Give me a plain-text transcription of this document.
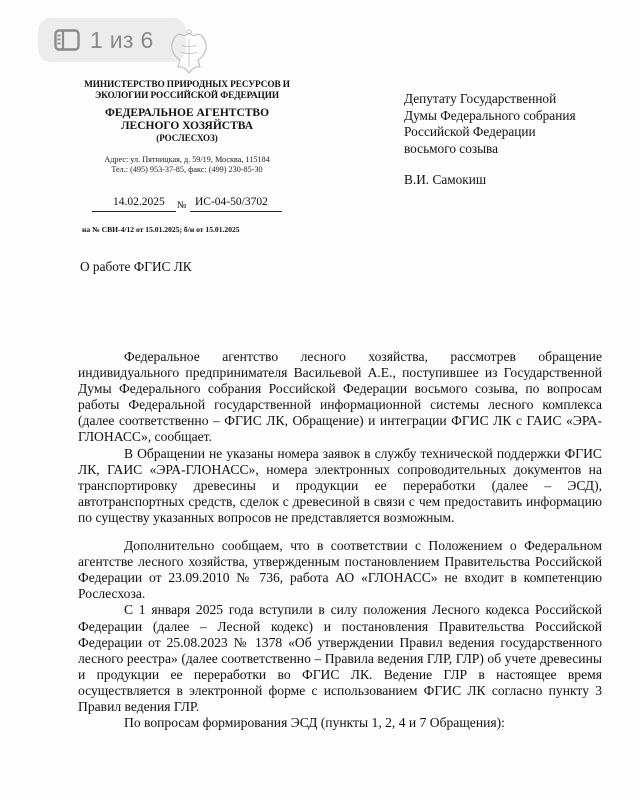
1 из 6
МИНИСТЕРСТВО ПРИРОДНЫХ РЕСУРСОВ И ЭКОЛОГИИ РОССИЙСКОЙ ФЕДЕРАЦИИ
ФЕДЕРАЛЬНОЕ АГЕНТСТВО ЛЕСНОГО ХОЗЯЙСТВА
(РОСЛЕСХОЗ)
Адрес: ул. Пятницкая, д. 59/19, Москва, 115184
Тел.: (495) 953-37-85, факс: (499) 230-85-30
14.02.2025 № ИС-04-50/3702
на № СВИ-4/12 от 15.01.2025; б/н от 15.01.2025
Депутату Государственной
Думы Федерального собрания
Российской Федерации
восьмого созыва
В.И. Самокиш
О работе ФГИС ЛК

Федеральное агентство лесного хозяйства, рассмотрев обращение индивидуального предпринимателя Васильевой А.Е., поступившее из Государственной Думы Федерального собрания Российской Федерации восьмого созыва, по вопросам работы Федеральной государственной информационной системы лесного комплекса (далее соответственно – ФГИС ЛК, Обращение) и интеграции ФГИС ЛК с ГАИС «ЭРА-ГЛОНАСС», сообщает.

В Обращении не указаны номера заявок в службу технической поддержки ФГИС ЛК, ГАИС «ЭРА-ГЛОНАСС», номера электронных сопроводительных документов на транспортировку древесины и продукции ее переработки (далее – ЭСД), автотранспортных средств, сделок с древесиной в связи с чем предоставить информацию по существу указанных вопросов не представляется возможным.

Дополнительно сообщаем, что в соответствии с Положением о Федеральном агентстве лесного хозяйства, утвержденным постановлением Правительства Российской Федерации от 23.09.2010 № 736, работа АО «ГЛОНАСС» не входит в компетенцию Рослесхоза.

С 1 января 2025 года вступили в силу положения Лесного кодекса Российской Федерации (далее – Лесной кодекс) и постановления Правительства Российской Федерации от 25.08.2023 № 1378 «Об утверждении Правил ведения государственного лесного реестра» (далее соответственно – Правила ведения ГЛР, ГЛР) об учете древесины и продукции ее переработки во ФГИС ЛК. Ведение ГЛР в настоящее время осуществляется в электронной форме с использованием ФГИС ЛК согласно пункту 3 Правил ведения ГЛР.

По вопросам формирования ЭСД (пункты 1, 2, 4 и 7 Обращения):
